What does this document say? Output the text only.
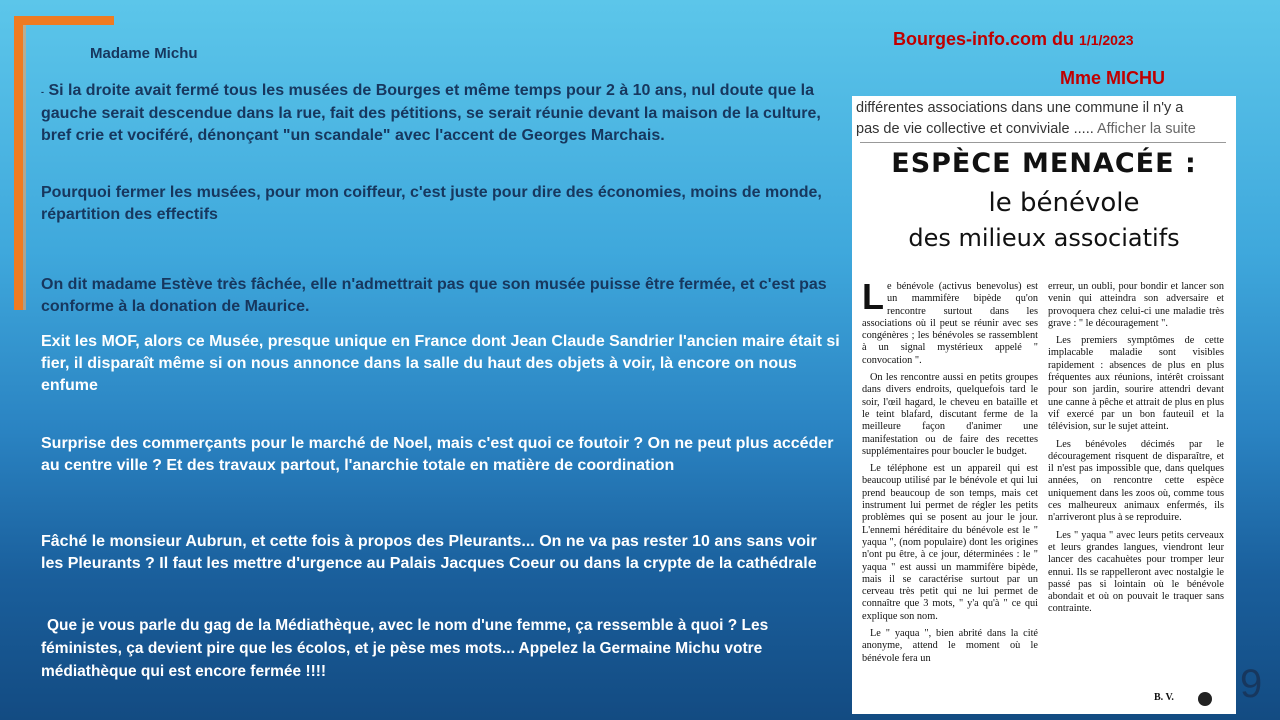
Madame Michu
Bourges-info.com du 1/1/2023
Mme MICHU
- Si la droite avait fermé tous les musées de Bourges et même temps pour 2 à 10 ans, nul doute que la gauche serait descendue dans la rue, fait des pétitions, se serait réunie devant la maison de la culture, bref crie et vociféré, dénonçant "un scandale" avec l'accent de Georges Marchais.

Pourquoi fermer les musées, pour mon coiffeur, c'est juste pour dire des économies, moins de monde, répartition des effectifs

On dit madame Estève très fâchée, elle n'admettrait pas que son musée puisse être fermée, et c'est pas conforme à la donation de Maurice.

Exit les MOF, alors ce Musée, presque unique en France dont Jean Claude Sandrier l'ancien maire était si fier, il disparaît même si on nous annonce dans la salle du haut des objets à voir, là encore on nous enfume

Surprise des commerçants pour le marché de Noel, mais c'est quoi ce foutoir ? On ne peut plus accéder au centre ville ? Et des travaux partout, l'anarchie totale en matière de coordination

Fâché le monsieur Aubrun, et cette fois à propos des Pleurants... On ne va pas rester 10 ans sans voir les Pleurants ? Il faut les mettre d'urgence au Palais Jacques Coeur ou dans la crypte de la cathédrale

Que je vous parle du gag de la Médiathèque, avec le nom d'une femme, ça ressemble à quoi ? Les féministes, ça devient pire que les écolos, et je pèse mes mots... Appelez la Germaine Michu votre médiathèque qui est encore fermée !!!!

différentes associations dans une commune il n'y a
pas de vie collective et conviviale ..... Afficher la suite
ESPÈCE MENACÉE :
le bénévole
des milieux associatifs

Le bénévole (activus benevolus) est un mammifère bipède qu'on rencontre surtout dans les associations où il peut se réunir avec ses congénères ; les bénévoles se rassemblent à un signal mystérieux appelé " convocation ".

On les rencontre aussi en petits groupes dans divers endroits, quelquefois tard le soir, l'œil hagard, le cheveu en bataille et le teint blafard, discutant ferme de la meilleure façon d'animer une manifestation ou de faire des recettes supplémentaires pour boucler le budget.

Le téléphone est un appareil qui est beaucoup utilisé par le bénévole et qui lui prend beaucoup de son temps, mais cet instrument lui permet de régler les petits problèmes qui se posent au jour le jour. L'ennemi héréditaire du bénévole est le " yaqua ", (nom populaire) dont les origines n'ont pu être, à ce jour, déterminées : le " yaqua " est aussi un mammifère bipède, mais il se caractérise surtout par un cerveau très petit qui ne lui permet de connaître que 3 mots, " y'a qu'à " ce qui explique son nom.

Le " yaqua ", bien abrité dans la cité anonyme, attend le moment où le bénévole fera un

erreur, un oubli, pour bondir et lancer son venin qui atteindra son adversaire et provoquera chez celui-ci une maladie très grave : " le découragement ".

Les premiers symptômes de cette implacable maladie sont visibles rapidement : absences de plus en plus fréquentes aux réunions, intérêt croissant pour son jardin, sourire attendri devant une canne à pêche et attrait de plus en plus vif exercé par un bon fauteuil et la télévision, sur le sujet atteint.

Les bénévoles décimés par le découragement risquent de disparaître, et il n'est pas impossible que, dans quelques années, on rencontre cette espèce uniquement dans les zoos où, comme tous ces malheureux animaux enfermés, ils n'arriveront plus à se reproduire.

Les " yaqua " avec leurs petits cerveaux et leurs grandes langues, viendront leur lancer des cacahuètes pour tromper leur ennui. Ils se rappelleront avec nostalgie le passé pas si lointain où le bénévole abondait et où on pouvait le traquer sans contrainte.

B. V. 9
